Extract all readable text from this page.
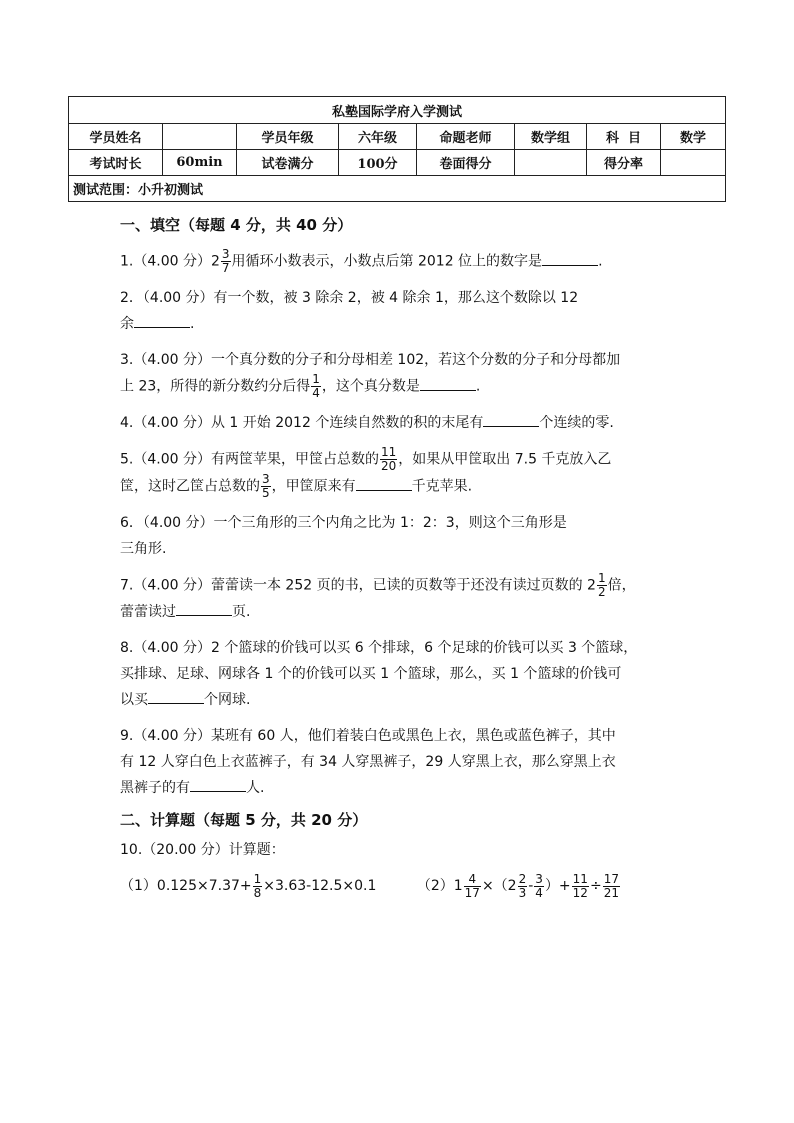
私塾国际学府入学测试							
学员姓名		学员年级	六年级	命题老师	数学组	科  目	数学
考试时长	60min	试卷满分	100分	卷面得分		得分率	
测试范围：小升初测试							
一、填空（每题 4 分，共 40 分）

1.（4.00 分）$2 \frac{3}{7}$ 用循环小数表示，小数点后第 2012 位上的数字是	.

2．（4.00 分）有一个数，被 3 除余 2，被 4 除余 1，那么这个数除以 12
余	.

3.（4.00 分）一个真分数的分子和分母相差 102，若这个分数的分子和分母都加
上 23，所得的新分数约分后得 $\frac{1}{4}$ ，这个真分数是	.

4.（4.00 分）从 1 开始 2012 个连续自然数的积的末尾有	个连续的零.

5.（4.00 分）有两筐苹果，甲筐占总数的 $\frac{11}{20}$ ，如果从甲筐取出 7.5 千克放入乙
筐，这时乙筐占总数的 $\frac{3}{5}$ ，甲筐原来有	千克苹果.

6．（4.00 分）一个三角形的三个内角之比为 1：2：3，则这个三角形是
三角形.

7.（4.00 分）蕾蕾读一本 252 页的书，已读的页数等于还没有读过页数的 $2 \frac{1}{2}$ 倍，
蕾蕾读过	页.

8.（4.00 分）2 个篮球的价钱可以买 6 个排球，6 个足球的价钱可以买 3 个篮球，
买排球、足球、网球各 1 个的价钱可以买 1 个篮球，那么，买 1 个篮球的价钱可
以买	个网球.

9.（4.00 分）某班有 60 人，他们着装白色或黑色上衣，黑色或蓝色裤子，其中
有 12 人穿白色上衣蓝裤子，有 34 人穿黑裤子，29 人穿黑上衣，那么穿黑上衣
黑裤子的有	人.

二、计算题（每题 5 分，共 20 分）

10.（20.00 分）计算题：

$(1)0.125\times 7.37+ \frac{1}{8} \times 3.63-12.5\times 0.1$	$(2)1 \frac{4}{17} \times(2 \frac{2}{3} - \frac{3}{4}$ ）+ $\frac{11}{12} \div \frac{17}{21}$
